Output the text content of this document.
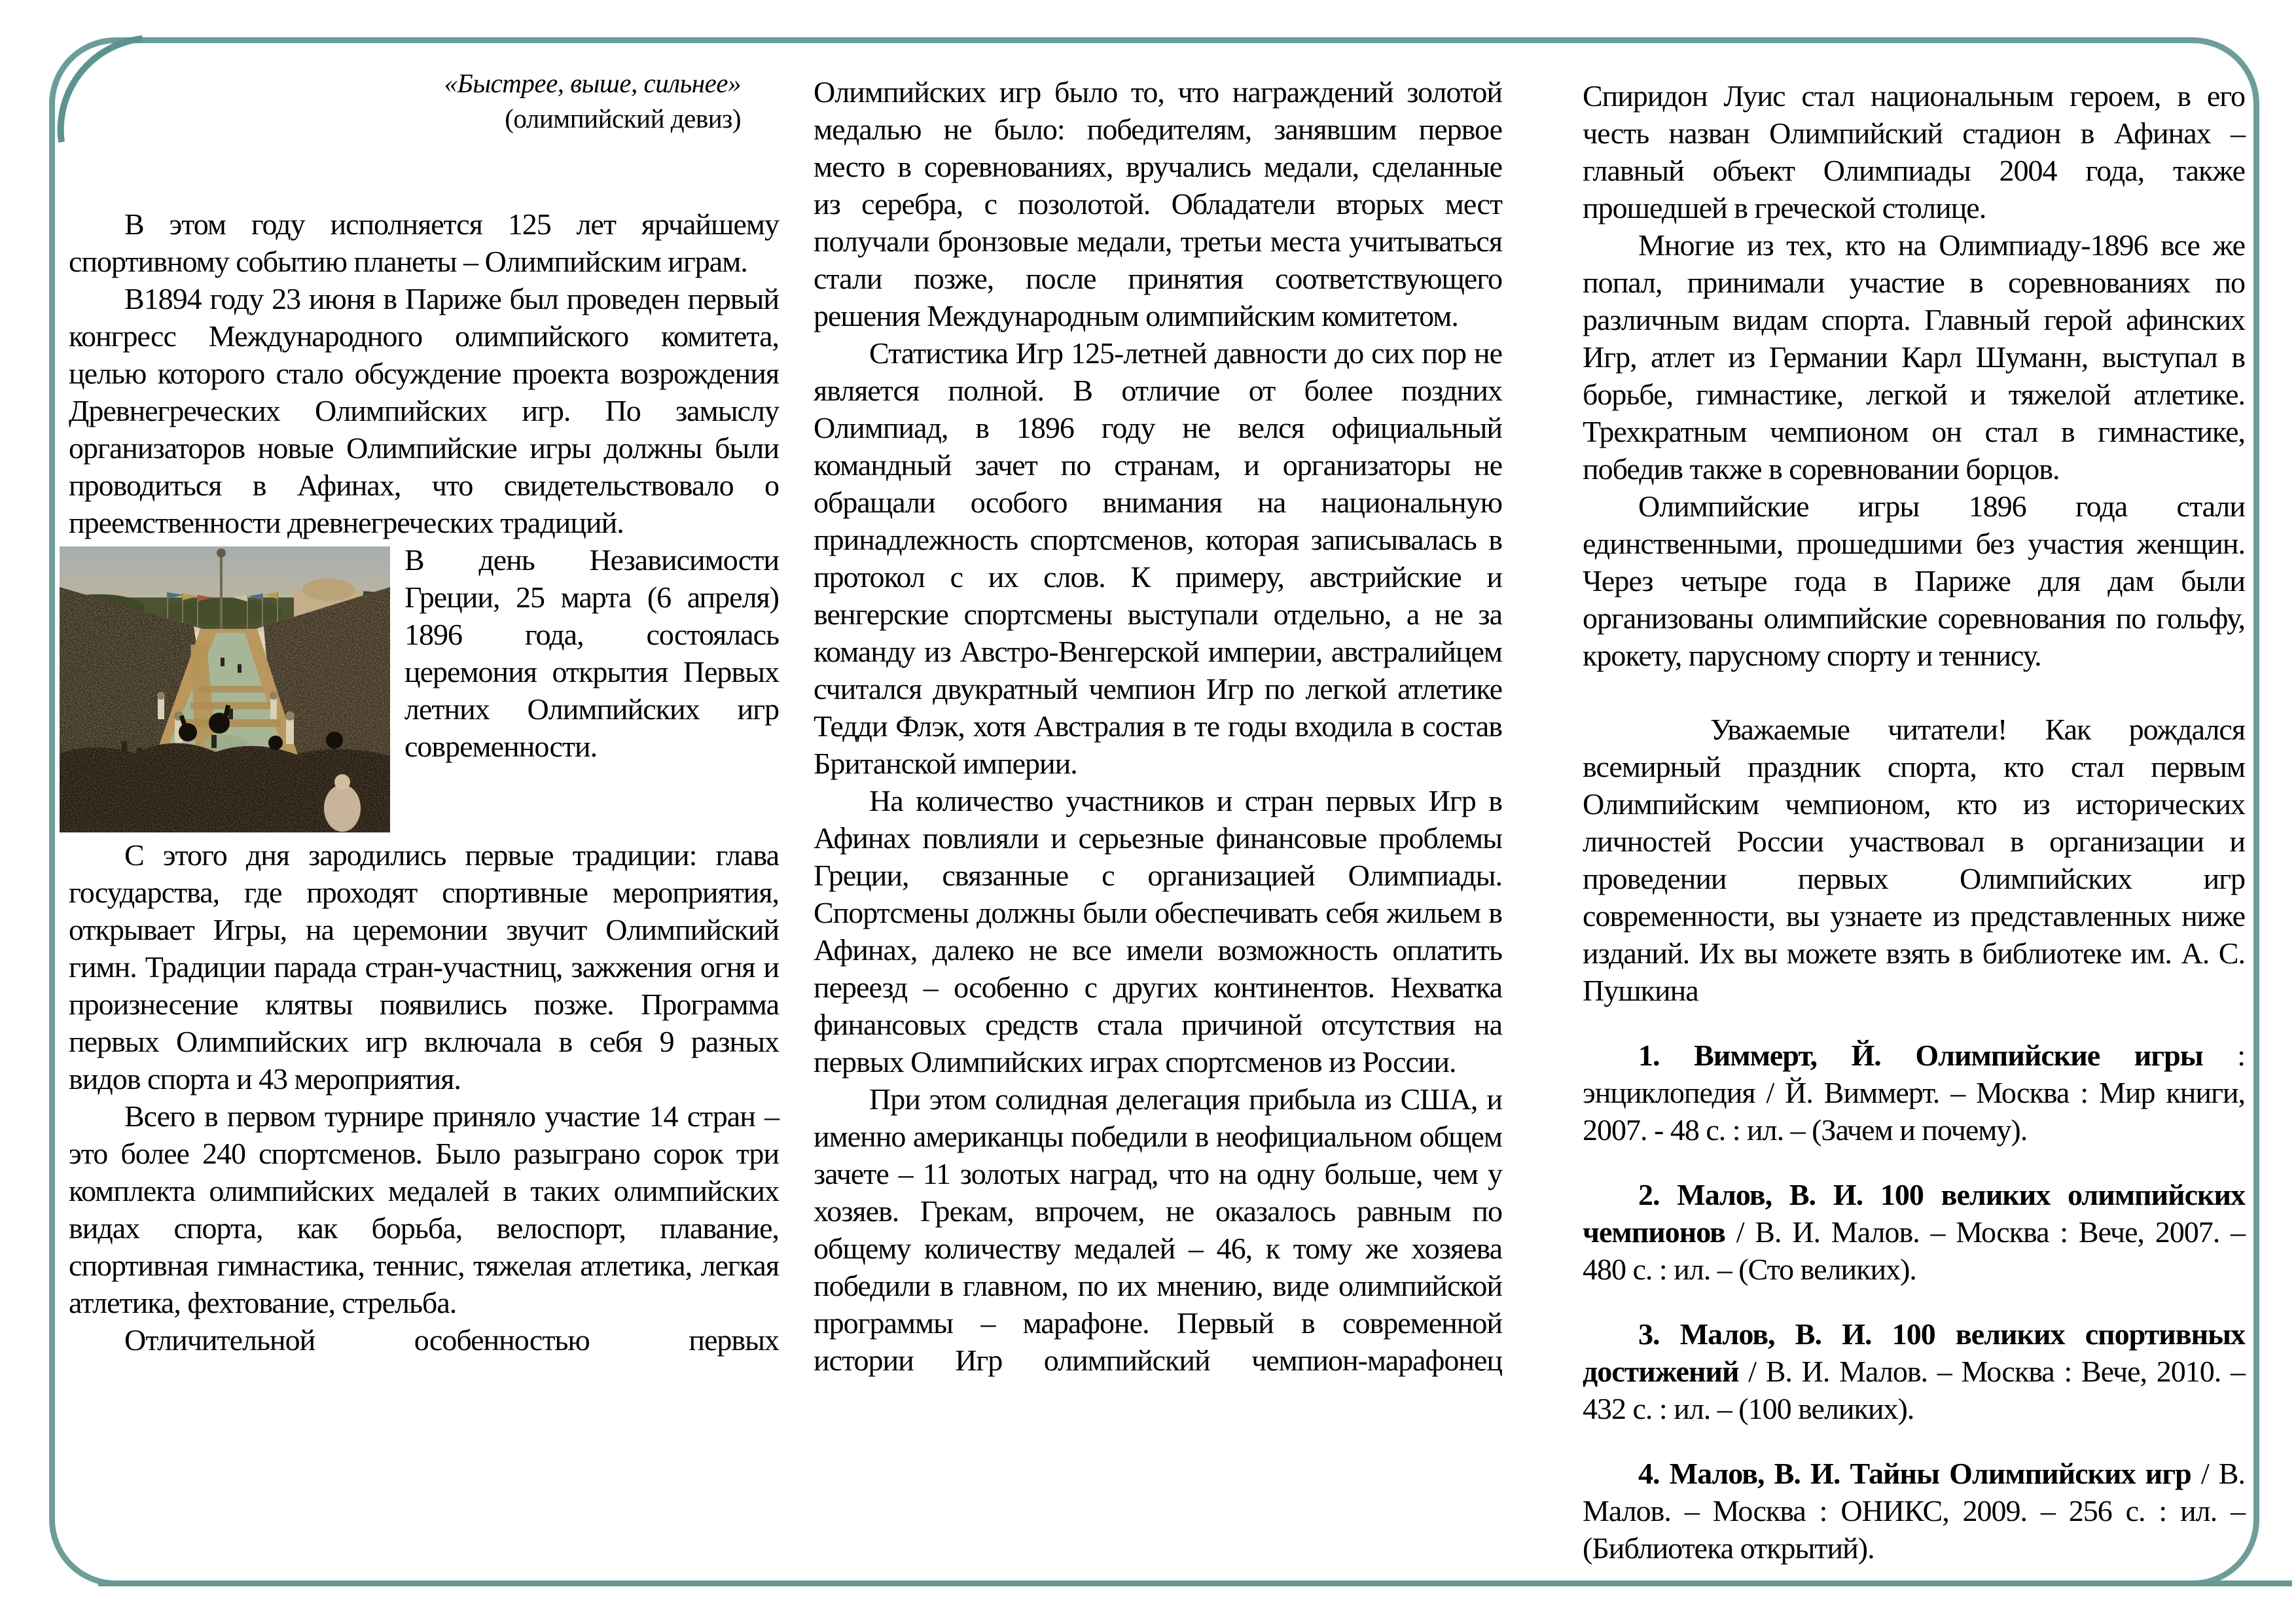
«Быстрее, выше, сильнее»
(олимпийский девиз)

В этом году исполняется 125 лет ярчайшему спортивному событию планеты – Олимпийским играм.

В1894 году 23 июня в Париже был проведен первый конгресс Международного олимпийского комитета, целью которого стало обсуждение проекта возрождения Древнегреческих Олимпийских игр. По замыслу организаторов новые Олимпийские игры должны были проводиться в Афинах, что свидетельствовало о преемственности древнегреческих традиций.

В день Независимости Греции, 25 марта (6 апреля) 1896 года, состоялась церемония открытия Первых летних Олимпийских игр современности.

С этого дня зародились первые традиции: глава государства, где проходят спортивные мероприятия, открывает Игры, на церемонии звучит Олимпийский гимн. Традиции парада стран-участниц, зажжения огня и произнесение клятвы появились позже. Программа первых Олимпийских игр включала в себя 9 разных видов спорта и 43 мероприятия.

Всего в первом турнире приняло участие 14 стран – это более 240 спортсменов. Было разыграно сорок три комплекта олимпийских медалей в таких олимпийских видах спорта, как борьба, велоспорт, плавание, спортивная гимнастика, теннис, тяжелая атлетика, легкая атлетика, фехтование, стрельба.

Отличительной особенностью первых

Олимпийских игр было то, что награждений золотой медалью не было: победителям, занявшим первое место в соревнованиях, вручались медали, сделанные из серебра, с позолотой. Обладатели вторых мест получали бронзовые медали, третьи места учитываться стали позже, после принятия соответствующего решения Международным олимпийским комитетом.

Статистика Игр 125-летней давности до сих пор не является полной. В отличие от более поздних Олимпиад, в 1896 году не велся официальный командный зачет по странам, и организаторы не обращали особого внимания на национальную принадлежность спортсменов, которая записывалась в протокол с их слов. К примеру, австрийские и венгерские спортсмены выступали отдельно, а не за команду из Австро-Венгерской империи, австралийцем считался двукратный чемпион Игр по легкой атлетике Тедди Флэк, хотя Австралия в те годы входила в состав Британской империи.

На количество участников и стран первых Игр в Афинах повлияли и серьезные финансовые проблемы Греции, связанные с организацией Олимпиады. Спортсмены должны были обеспечивать себя жильем в Афинах, далеко не все имели возможность оплатить переезд – особенно с других континентов. Нехватка финансовых средств стала причиной отсутствия на первых Олимпийских играх спортсменов из России.

При этом солидная делегация прибыла из США, и именно американцы победили в неофициальном общем зачете – 11 золотых наград, что на одну больше, чем у хозяев. Грекам, впрочем, не оказалось равным по общему количеству медалей – 46, к тому же хозяева победили в главном, по их мнению, виде олимпийской программы – марафоне. Первый в современной истории Игр олимпийский чемпион-марафонец

Спиридон Луис стал национальным героем, в его честь назван Олимпийский стадион в Афинах – главный объект Олимпиады 2004 года, также прошедшей в греческой столице.

Многие из тех, кто на Олимпиаду-1896 все же попал, принимали участие в соревнованиях по различным видам спорта. Главный герой афинских Игр, атлет из Германии Карл Шуманн, выступал в борьбе, гимнастике, легкой и тяжелой атлетике. Трехкратным чемпионом он стал в гимнастике, победив также в соревновании борцов.

Олимпийские игры 1896 года стали единственными, прошедшими без участия женщин. Через четыре года в Париже для дам были организованы олимпийские соревнования по гольфу, крокету, парусному спорту и теннису.

Уважаемые читатели! Как рождался всемирный праздник спорта, кто стал первым Олимпийским чемпионом, кто из исторических личностей России участвовал в организации и проведении первых Олимпийских игр современности, вы узнаете из представленных ниже изданий. Их вы можете взять в библиотеке им. А. С. Пушкина

1. Виммерт, Й. Олимпийские игры : энциклопедия / Й. Виммерт. – Москва : Мир книги, 2007. - 48 с. : ил. – (Зачем и почему).

2. Малов, В. И. 100 великих олимпийских чемпионов / В. И. Малов. – Москва : Вече, 2007. – 480 с. : ил. – (Сто великих).

3. Малов, В. И. 100 великих спортивных достижений / В. И. Малов. – Москва : Вече, 2010. – 432 с. : ил. – (100 великих).

4. Малов, В. И. Тайны Олимпийских игр / В. Малов. – Москва : ОНИКС, 2009. – 256 с. : ил. – (Библиотека открытий).
